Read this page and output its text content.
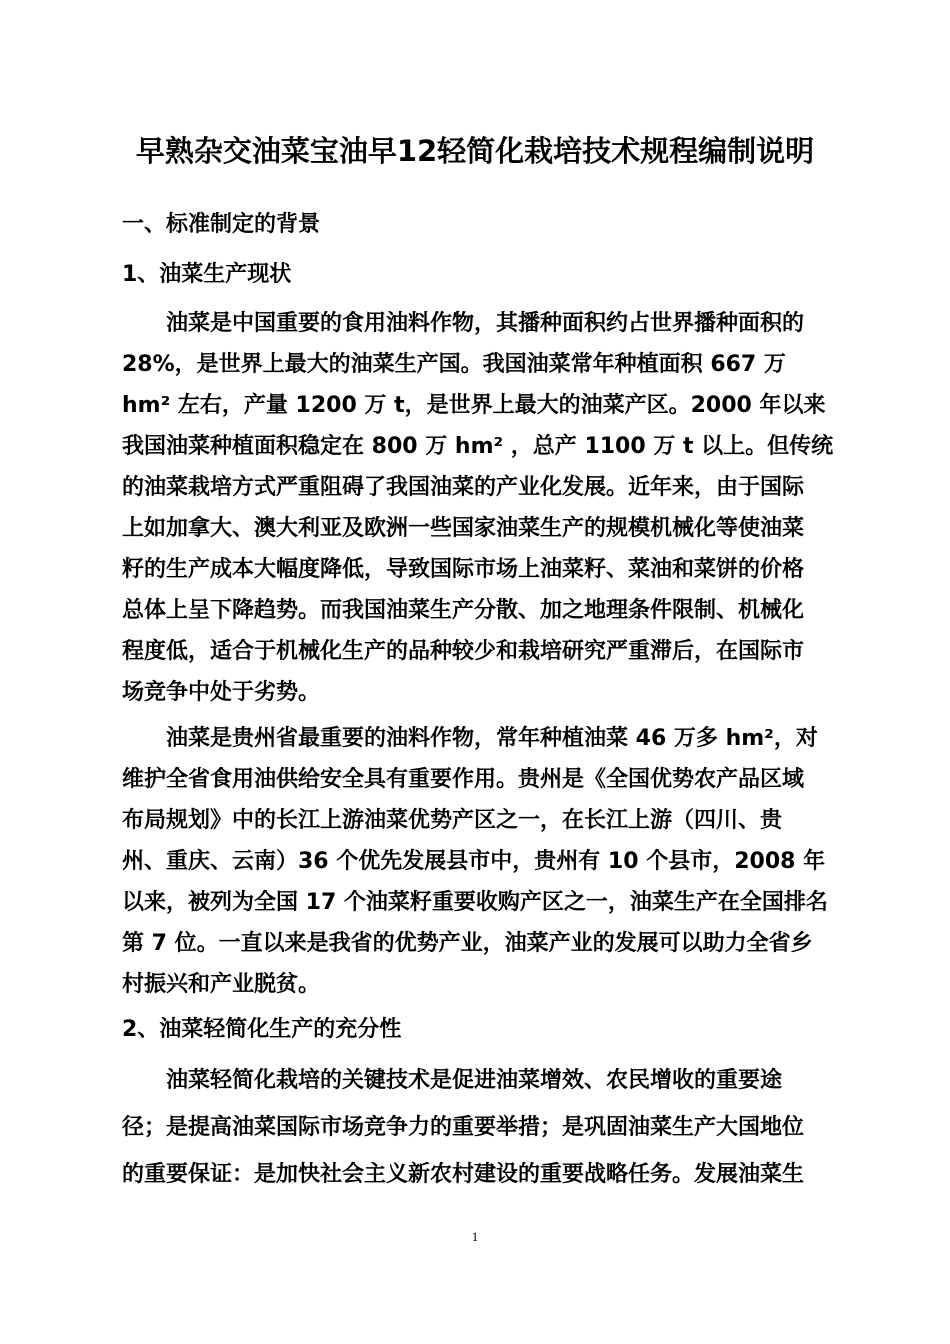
早熟杂交油菜宝油早12轻简化栽培技术规程编制说明
一、标准制定的背景
1、油菜生产现状
油菜是中国重要的食用油料作物，其播种面积约占世界播种面积的
28%，是世界上最大的油菜生产国。我国油菜常年种植面积 667 万
hm² 左右，产量 1200 万 t，是世界上最大的油菜产区。2000 年以来
我国油菜种植面积稳定在 800 万 hm² ，总产 1100 万 t 以上。但传统
的油菜栽培方式严重阻碍了我国油菜的产业化发展。近年来，由于国际
上如加拿大、澳大利亚及欧洲一些国家油菜生产的规模机械化等使油菜
籽的生产成本大幅度降低，导致国际市场上油菜籽、菜油和菜饼的价格
总体上呈下降趋势。而我国油菜生产分散、加之地理条件限制、机械化
程度低，适合于机械化生产的品种较少和栽培研究严重滞后，在国际市
场竞争中处于劣势。
油菜是贵州省最重要的油料作物，常年种植油菜 46 万多 hm²，对
维护全省食用油供给安全具有重要作用。贵州是《全国优势农产品区域
布局规划》中的长江上游油菜优势产区之一，在长江上游（四川、贵
州、重庆、云南）36 个优先发展县市中，贵州有 10 个县市，2008 年
以来，被列为全国 17 个油菜籽重要收购产区之一，油菜生产在全国排名
第 7 位。一直以来是我省的优势产业，油菜产业的发展可以助力全省乡
村振兴和产业脱贫。
2、油菜轻简化生产的充分性
油菜轻简化栽培的关键技术是促进油菜增效、农民增收的重要途
径；是提高油菜国际市场竞争力的重要举措；是巩固油菜生产大国地位
的重要保证：是加快社会主义新农村建设的重要战略任务。发展油菜生
1
